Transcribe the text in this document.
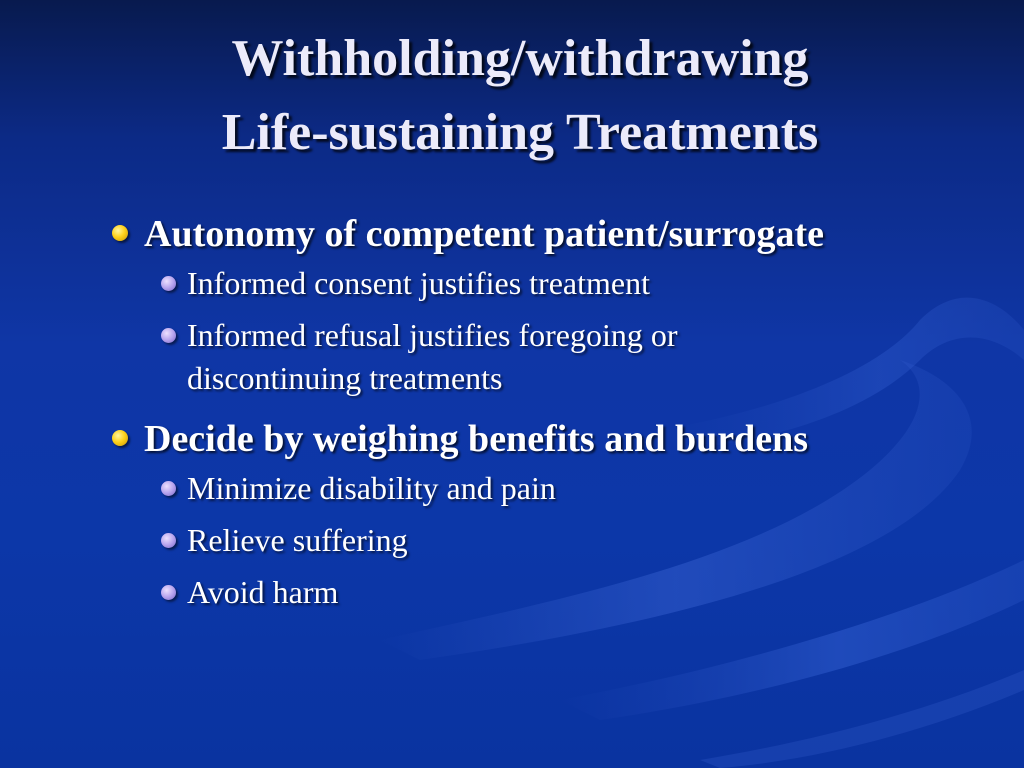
Withholding/withdrawing
Life-sustaining Treatments
Autonomy of competent patient/surrogate
Informed consent justifies treatment
Informed refusal justifies foregoing or discontinuing treatments
Decide by weighing benefits and burdens
Minimize disability and pain
Relieve suffering
Avoid harm
